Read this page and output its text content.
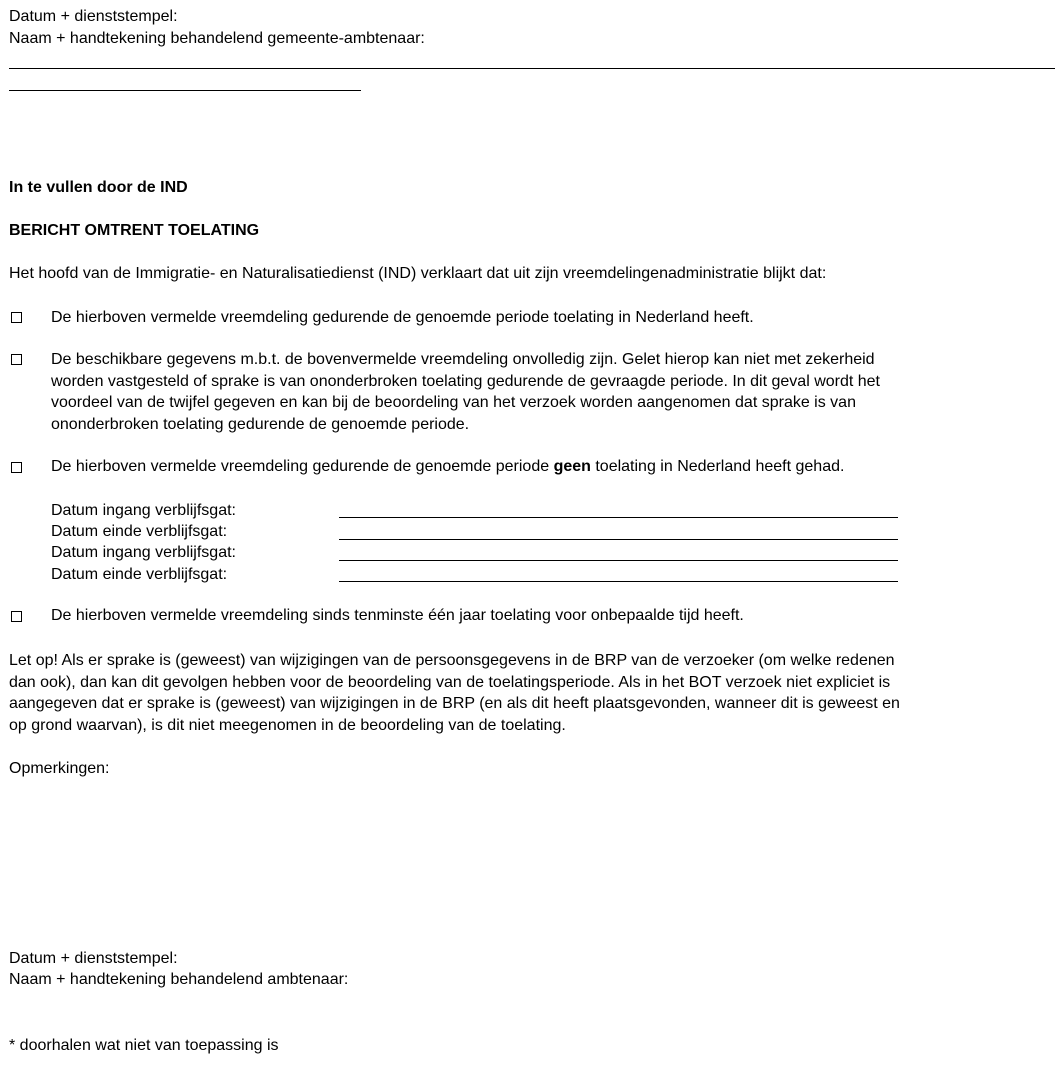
Datum + dienststempel:
Naam + handtekening behandelend gemeente-ambtenaar:
In te vullen door de IND
BERICHT OMTRENT TOELATING
Het hoofd van de Immigratie- en Naturalisatiedienst (IND) verklaart dat uit zijn vreemdelingenadministratie blijkt dat:
De hierboven vermelde vreemdeling gedurende de genoemde periode toelating in Nederland heeft.
De beschikbare gegevens m.b.t. de bovenvermelde vreemdeling onvolledig zijn. Gelet hierop kan niet met zekerheid
worden vastgesteld of sprake is van ononderbroken toelating gedurende de gevraagde periode. In dit geval wordt het
voordeel van de twijfel gegeven en kan bij de beoordeling van het verzoek worden aangenomen dat sprake is van
ononderbroken toelating gedurende de genoemde periode.
De hierboven vermelde vreemdeling gedurende de genoemde periode geen toelating in Nederland heeft gehad.
Datum ingang verblijfsgat:
Datum einde verblijfsgat:
Datum ingang verblijfsgat:
Datum einde verblijfsgat:
De hierboven vermelde vreemdeling sinds tenminste één jaar toelating voor onbepaalde tijd heeft.
Let op! Als er sprake is (geweest) van wijzigingen van de persoonsgegevens in de BRP van de verzoeker (om welke redenen
dan ook), dan kan dit gevolgen hebben voor de beoordeling van de toelatingsperiode. Als in het BOT verzoek niet expliciet is
aangegeven dat er sprake is (geweest) van wijzigingen in de BRP (en als dit heeft plaatsgevonden, wanneer dit is geweest en
op grond waarvan), is dit niet meegenomen in de beoordeling van de toelating.
Opmerkingen:
Datum + dienststempel:
Naam + handtekening behandelend ambtenaar:
* doorhalen wat niet van toepassing is
